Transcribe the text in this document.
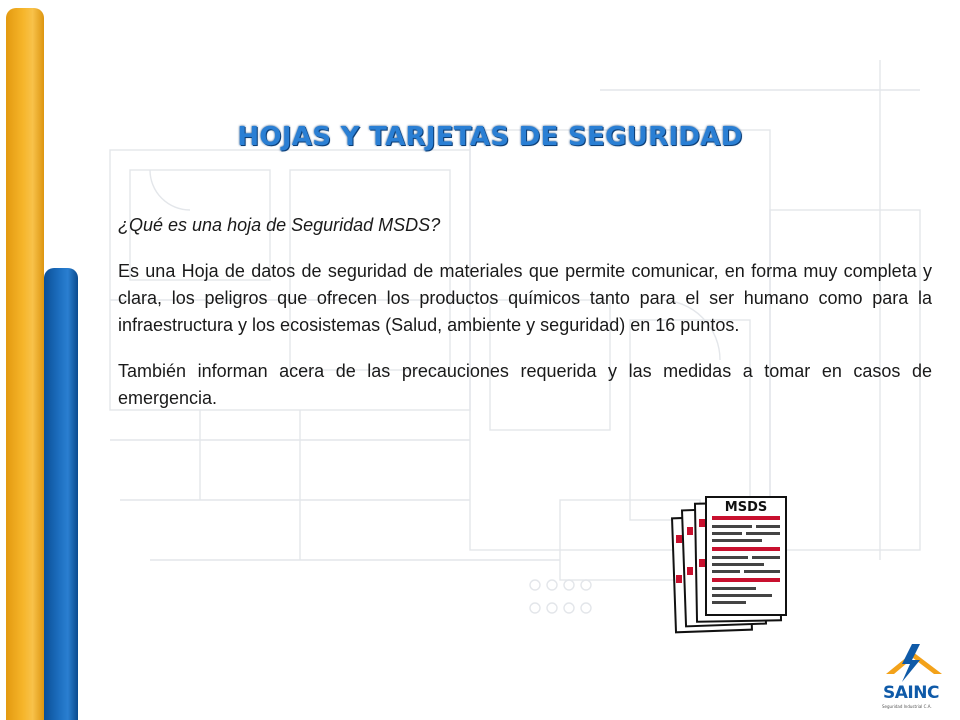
HOJAS Y TARJETAS DE SEGURIDAD

¿Qué es una hoja de Seguridad MSDS?

Es una Hoja de datos de seguridad de materiales que permite comunicar, en forma muy completa y clara, los peligros que ofrecen los productos químicos tanto para el ser humano como para la infraestructura y los ecosistemas (Salud, ambiente y seguridad) en 16 puntos.

También informan acera de las precauciones requerida y las medidas a tomar en casos de emergencia.

MSDS
SAINC
Seguridad Industrial C.A.
